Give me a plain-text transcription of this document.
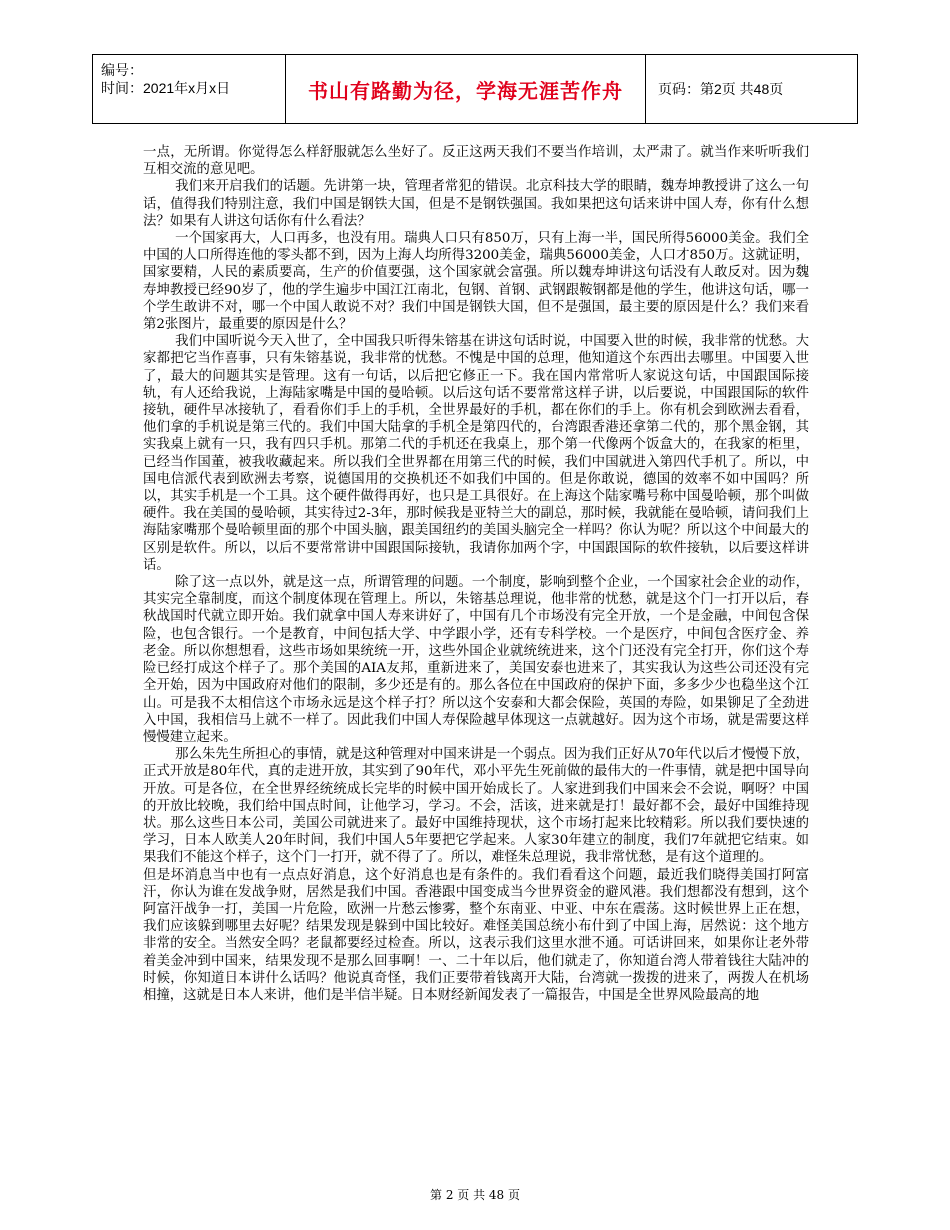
编号：
时间：2021年x月x日	书山有路勤为径，学海无涯苦作舟	页码：第2页 共48页

一点，无所谓。你觉得怎么样舒服就怎么坐好了。反正这两天我们不要当作培训，太严肃了。就当作来听听我们互相交流的意见吧。

我们来开启我们的话题。先讲第一块，管理者常犯的错误。北京科技大学的眼睛，魏寿坤教授讲了这么一句话，值得我们特别注意，我们中国是钢铁大国，但是不是钢铁强国。我如果把这句话来讲中国人寿，你有什么想法？如果有人讲这句话你有什么看法？

一个国家再大，人口再多，也没有用。瑞典人口只有850万，只有上海一半，国民所得56000美金。我们全中国的人口所得连他的零头都不到，因为上海人均所得3200美金，瑞典56000美金，人口才850万。这就证明，国家要精，人民的素质要高，生产的价值要强，这个国家就会富强。所以魏寿坤讲这句话没有人敢反对。因为魏寿坤教授已经90岁了，他的学生遍步中国江江南北，包钢、首钢、武钢跟鞍钢都是他的学生，他讲这句话，哪一个学生敢讲不对，哪一个中国人敢说不对？我们中国是钢铁大国，但不是强国，最主要的原因是什么？我们来看第2张图片，最重要的原因是什么？

我们中国听说今天入世了，全中国我只听得朱镕基在讲这句话时说，中国要入世的时候，我非常的忧愁。大家都把它当作喜事，只有朱镕基说，我非常的忧愁。不愧是中国的总理，他知道这个东西出去哪里。中国要入世了，最大的问题其实是管理。这有一句话，以后把它修正一下。我在国内常常听人家说这句话，中国跟国际接轨，有人还给我说，上海陆家嘴是中国的曼哈顿。以后这句话不要常常这样子讲，以后要说，中国跟国际的软件接轨，硬件早冰接轨了，看看你们手上的手机，全世界最好的手机，都在你们的手上。你有机会到欧洲去看看，他们拿的手机说是第三代的。我们中国大陆拿的手机全是第四代的，台湾跟香港还拿第二代的，那个黑金钢，其实我桌上就有一只，我有四只手机。那第二代的手机还在我桌上，那个第一代像两个饭盒大的，在我家的柜里，已经当作国董，被我收藏起来。所以我们全世界都在用第三代的时候，我们中国就进入第四代手机了。所以，中国电信派代表到欧洲去考察，说德国用的交换机还不如我们中国的。但是你敢说，德国的效率不如中国吗？所以，其实手机是一个工具。这个硬件做得再好，也只是工具很好。在上海这个陆家嘴号称中国曼哈顿，那个叫做硬件。我在美国的曼哈顿，其实待过2-3年，那时候我是亚特兰大的副总，那时候，我就能在曼哈顿，请问我们上海陆家嘴那个曼哈顿里面的那个中国头脑，跟美国纽约的美国头脑完全一样吗？你认为呢？所以这个中间最大的区别是软件。所以，以后不要常常讲中国跟国际接轨，我请你加两个字，中国跟国际的软件接轨，以后要这样讲话。

除了这一点以外，就是这一点，所谓管理的问题。一个制度，影响到整个企业，一个国家社会企业的动作，其实完全靠制度，而这个制度体现在管理上。所以，朱镕基总理说，他非常的忧愁，就是这个门一打开以后，春秋战国时代就立即开始。我们就拿中国人寿来讲好了，中国有几个市场没有完全开放，一个是金融，中间包含保险，也包含银行。一个是教育，中间包括大学、中学跟小学，还有专科学校。一个是医疗，中间包含医疗金、养老金。所以你想想看，这些市场如果统统一开，这些外国企业就统统进来，这个门还没有完全打开，你们这个寿险已经打成这个样子了。那个美国的AIA友邦，重新进来了，美国安泰也进来了，其实我认为这些公司还没有完全开始，因为中国政府对他们的限制，多少还是有的。那么各位在中国政府的保护下面，多多少少也稳坐这个江山。可是我不太相信这个市场永远是这个样子打？所以这个安泰和大都会保险，英国的寿险，如果铆足了全劲进入中国，我相信马上就不一样了。因此我们中国人寿保险越早体现这一点就越好。因为这个市场，就是需要这样慢慢建立起来。

那么朱先生所担心的事情，就是这种管理对中国来讲是一个弱点。因为我们正好从70年代以后才慢慢下放，正式开放是80年代，真的走进开放，其实到了90年代，邓小平先生死前做的最伟大的一件事情，就是把中国导向开放。可是各位，在全世界经统统成长完毕的时候中国开始成长了。人家进到我们中国来会不会说，啊呀？中国的开放比较晚，我们给中国点时间，让他学习，学习。不会，活该，进来就是打！最好都不会，最好中国维持现状。那么这些日本公司，美国公司就进来了。最好中国维持现状，这个市场打起来比较精彩。所以我们要快速的学习，日本人欧美人20年时间，我们中国人5年要把它学起来。人家30年建立的制度，我们7年就把它结束。如果我们不能这个样子，这个门一打开，就不得了了。所以，难怪朱总理说，我非常忧愁，是有这个道理的。

但是坏消息当中也有一点点好消息，这个好消息也是有条件的。我们看看这个问题，最近我们晓得美国打阿富汗，你认为谁在发战争财，居然是我们中国。香港跟中国变成当今世界资金的避风港。我们想都没有想到，这个阿富汗战争一打，美国一片危险，欧洲一片愁云惨雾，整个东南亚、中亚、中东在震荡。这时候世界上正在想，我们应该躲到哪里去好呢？结果发现是躲到中国比较好。难怪美国总统小布什到了中国上海，居然说：这个地方非常的安全。当然安全吗？老鼠都要经过检查。所以，这表示我们这里水泄不通。可话讲回来，如果你让老外带着美金冲到中国来，结果发现不是那么回事啊！一、二十年以后，他们就走了，你知道台湾人带着钱往大陆冲的时候，你知道日本讲什么话吗？他说真奇怪，我们正要带着钱离开大陆，台湾就一拨拨的进来了，两拨人在机场相撞，这就是日本人来讲，他们是半信半疑。日本财经新闻发表了一篇报告，中国是全世界风险最高的地

第 2 页 共 48 页
